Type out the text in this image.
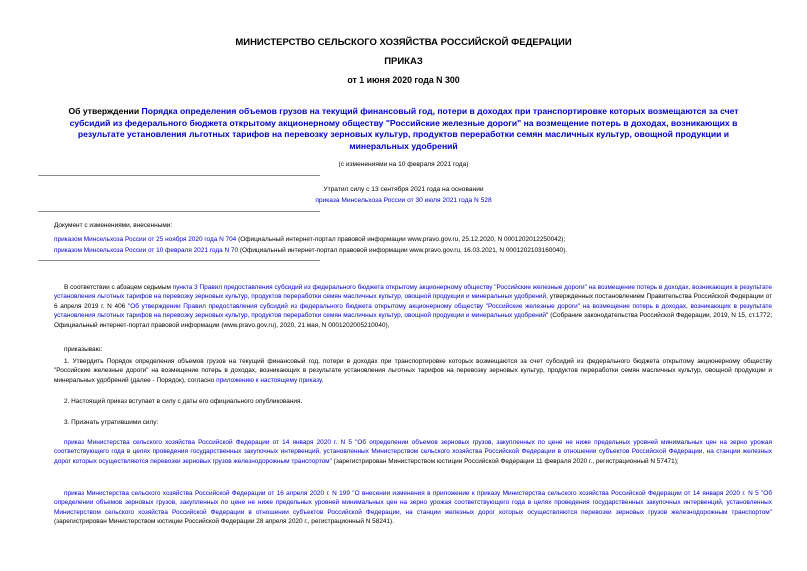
МИНИСТЕРСТВО СЕЛЬСКОГО ХОЗЯЙСТВА РОССИЙСКОЙ ФЕДЕРАЦИИ
ПРИКАЗ
от 1 июня 2020 года N 300
Об утверждении Порядка определения объемов грузов на текущий финансовый год, потери в доходах при транспортировке которых возмещаются за счет субсидий из федерального бюджета открытому акционерному обществу "Российские железные дороги" на возмещение потерь в доходах, возникающих в результате установления льготных тарифов на перевозку зерновых культур, продуктов переработки семян масличных культур, овощной продукции и минеральных удобрений
(с изменениями на 10 февраля 2021 года)
Утратил силу с 13 сентября 2021 года на основании
приказа Минсельхоза России от 30 июля 2021 года N 528
Документ с изменениями, внесенными:
приказом Минсельхоза России от 25 ноября 2020 года N 704 (Официальный интернет-портал правовой информации www.pravo.gov.ru, 25.12.2020, N 0001202012250042);
приказом Минсельхоза России от 10 февраля 2021 года N 70 (Официальный интернет-портал правовой информации www.pravo.gov.ru, 16.03.2021, N 0001202103160040).
В соответствии с абзацем седьмым пункта 3 Правил предоставления субсидий из федерального бюджета открытому акционерному обществу "Российские железные дороги" на возмещение потерь в доходах, возникающих в результате установления льготных тарифов на перевозку зерновых культур, продуктов переработки семян масличных культур, овощной продукции и минеральных удобрений, утвержденных постановлением Правительства Российской Федерации от 6 апреля 2019 г. N 406 "Об утверждении Правил предоставления субсидий из федерального бюджета открытому акционерному обществу "Российские железные дороги" на возмещение потерь в доходах, возникающих в результате установления льготных тарифов на перевозку зерновых культур, продуктов переработки семян масличных культур, овощной продукции и минеральных удобрений" (Собрание законодательства Российской Федерации, 2019, N 15, ст.1772; Официальный интернет-портал правовой информации (www.pravo.gov.ru), 2020, 21 мая, N 0001202005210040),
приказываю:
1. Утвердить Порядок определения объемов грузов на текущий финансовый год, потери в доходах при транспортировке которых возмещаются за счет субсидий из федерального бюджета открытому акционерному обществу "Российские железные дороги" на возмещение потерь в доходах, возникающих в результате установления льготных тарифов на перевозку зерновых культур, продуктов переработки семян масличных культур, овощной продукции и минеральных удобрений (далее - Порядок), согласно приложению к настоящему приказу.
2. Настоящий приказ вступает в силу с даты его официального опубликования.
3. Признать утратившими силу:
приказ Министерства сельского хозяйства Российской Федерации от 14 января 2020 г. N 5 "Об определении объемов зерновых грузов, закупленных по цене не ниже предельных уровней минимальных цен на зерно урожая соответствующего года в целях проведения государственных закупочных интервенций, установленных Министерством сельского хозяйства Российской Федерации в отношении субъектов Российской Федерации, на станции железных дорог которых осуществляются перевозки зерновых грузов железнодорожным транспортом" (зарегистрирован Министерством юстиции Российской Федерации 11 февраля 2020 г., регистрационный N 57471);
приказ Министерства сельского хозяйства Российской Федерации от 16 апреля 2020 г. N 199 "О внесении изменения в приложение к приказу Министерства сельского хозяйства Российской Федерации от 14 января 2020 г. N 5 "Об определении объемов зерновых грузов, закупленных по цене не ниже предельных уровней минимальных цен на зерно урожая соответствующего года в целях проведения государственных закупочных интервенций, установленных Министерством сельского хозяйства Российской Федерации в отношении субъектов Российской Федерации, на станции железных дорог которых осуществляются перевозки зерновых грузов железнодорожным транспортом" (зарегистрирован Министерством юстиции Российской Федерации 28 апреля 2020 г., регистрационный N 58241).
